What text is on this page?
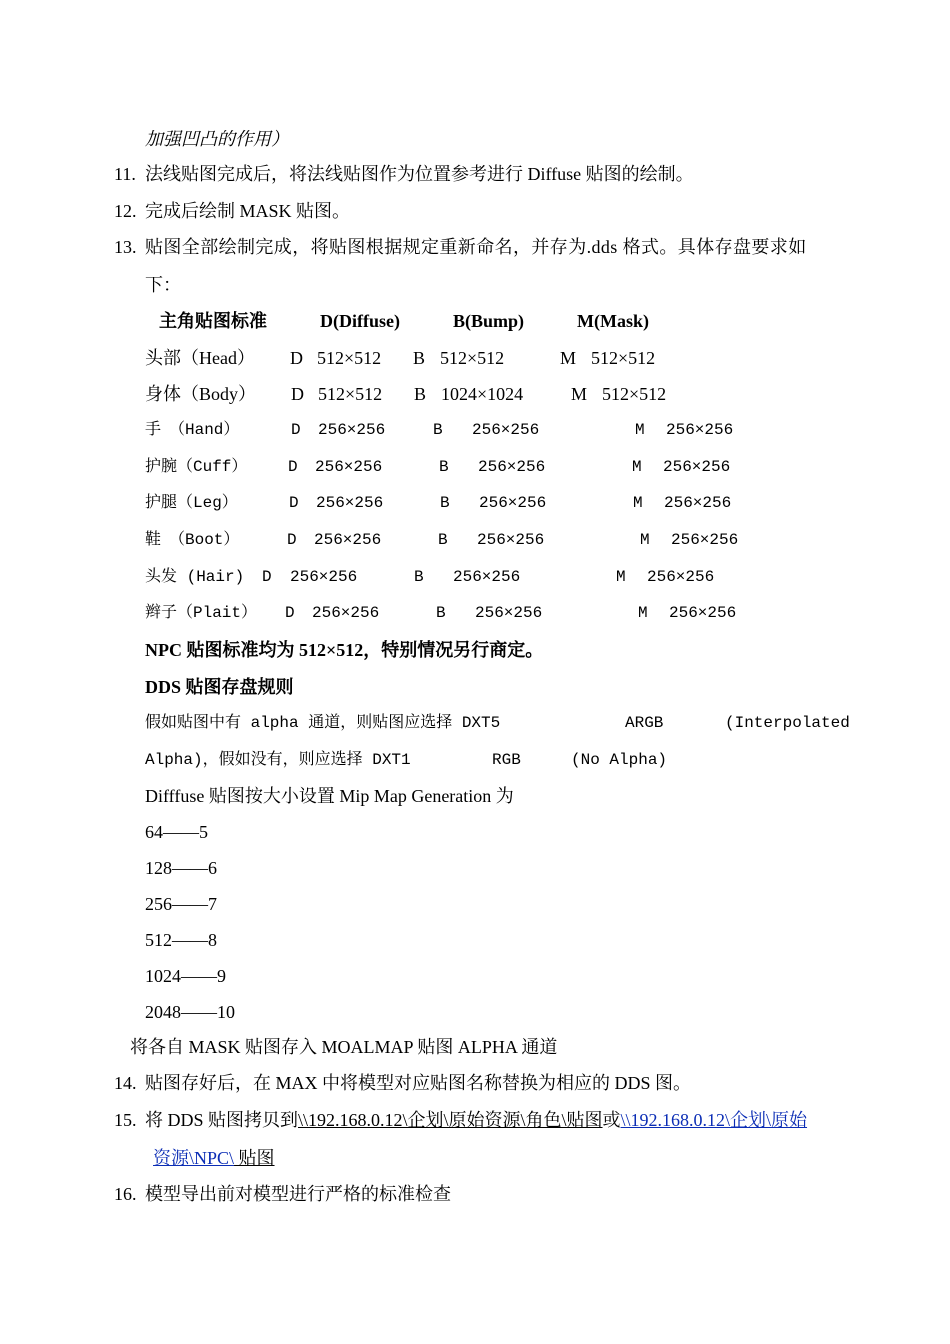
加强凹凸的作用）
11. 法线贴图完成后，将法线贴图作为位置参考进行 Diffuse 贴图的绘制。
12. 完成后绘制 MASK 贴图。
13. 贴图全部绘制完成，将贴图根据规定重新命名，并存为.dds 格式。具体存盘要求如
下：
主角贴图标准	D(Diffuse)	B(Bump)	M(Mask)
头部（Head） D 512×512 B 512×512	M 512×512
身体（Body） D 512×512 B 1024×1024	M 512×512
手　（Hand）	D 256×256	B 256×256	M 256×256
护腕（Cuff）	D 256×256	B 256×256	M 256×256
护腿（Leg）	D 256×256	B 256×256	M 256×256
鞋　（Boot）	D 256×256	B 256×256	M 256×256
头发 (Hair) D 256×256	B 256×256	M 256×256
辫子（Plait） D 256×256	B 256×256	M 256×256
NPC 贴图标准均为 512×512，特别情况另行商定。
DDS 贴图存盘规则
假如贴图中有 alpha 通道，则贴图应选择 DXT5	ARGB	(Interpolated
Alpha)，假如没有，则应选择 DXT1	RGB	(No Alpha)
Difffuse 贴图按大小设置 Mip Map Generation 为
64——5
128——6
256——7
512——8
1024——9
2048——10
将各自 MASK 贴图存入 MOALMAP 贴图 ALPHA 通道
14. 贴图存好后，在 MAX 中将模型对应贴图名称替换为相应的 DDS 图。
15. 将 DDS 贴图拷贝到\\192.168.0.12\企划\原始资源\角色\贴图或\\192.168.0.12\企划\原始
资源\NPC\ 贴图
16. 模型导出前对模型进行严格的标准检查
